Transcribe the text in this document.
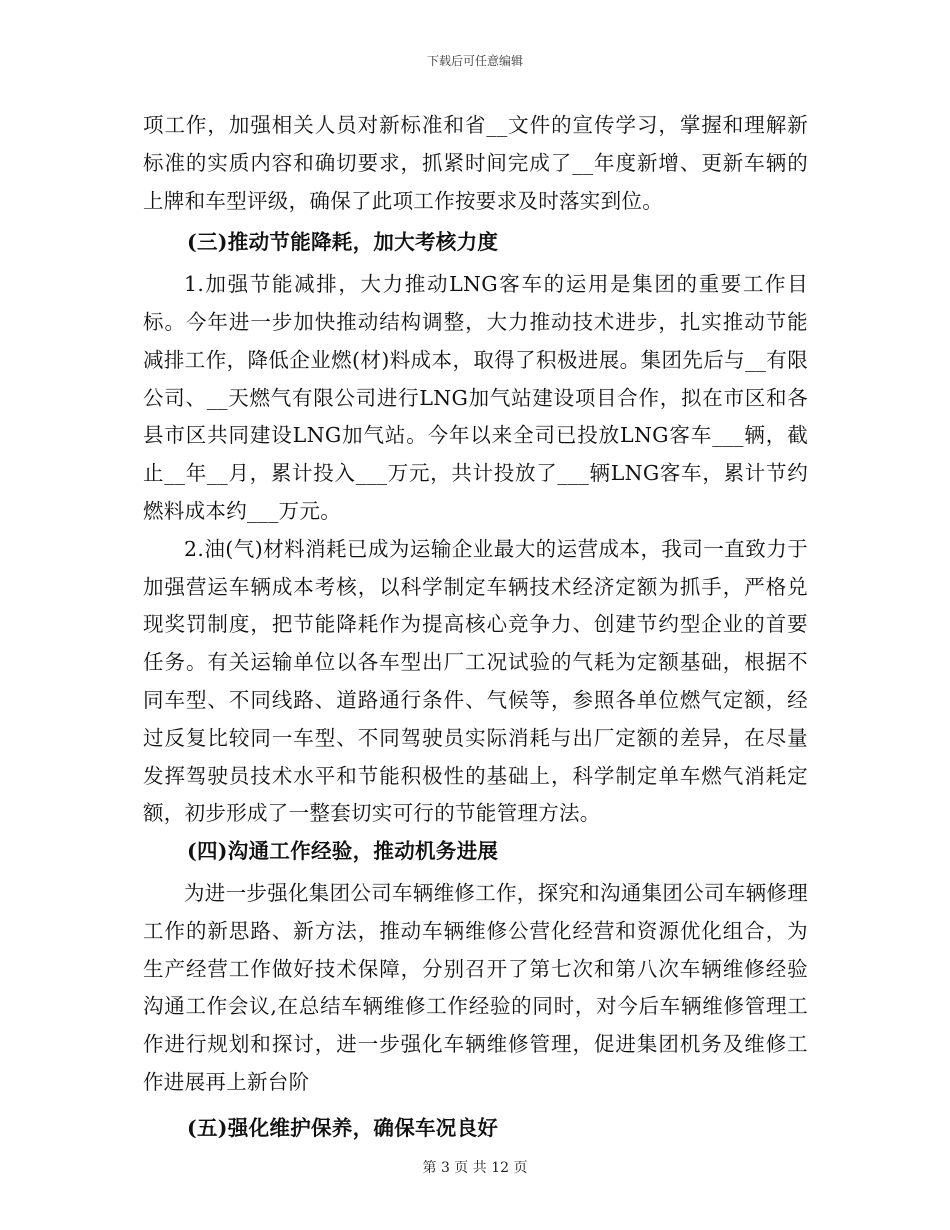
下载后可任意编辑

项工作，加强相关人员对新标准和省__文件的宣传学习，掌握和理解新标准的实质内容和确切要求，抓紧时间完成了__年度新增、更新车辆的上牌和车型评级，确保了此项工作按要求及时落实到位。

(三)推动节能降耗，加大考核力度

1.加强节能减排，大力推动LNG客车的运用是集团的重要工作目标。今年进一步加快推动结构调整，大力推动技术进步，扎实推动节能减排工作，降低企业燃(材)料成本，取得了积极进展。集团先后与__有限公司、__天燃气有限公司进行LNG加气站建设项目合作，拟在市区和各县市区共同建设LNG加气站。今年以来全司已投放LNG客车___辆，截止__年__月，累计投入___万元，共计投放了___辆LNG客车，累计节约燃料成本约___万元。

2.油(气)材料消耗已成为运输企业最大的运营成本，我司一直致力于加强营运车辆成本考核，以科学制定车辆技术经济定额为抓手，严格兑现奖罚制度，把节能降耗作为提高核心竞争力、创建节约型企业的首要任务。有关运输单位以各车型出厂工况试验的气耗为定额基础，根据不同车型、不同线路、道路通行条件、气候等，参照各单位燃气定额，经过反复比较同一车型、不同驾驶员实际消耗与出厂定额的差异，在尽量发挥驾驶员技术水平和节能积极性的基础上，科学制定单车燃气消耗定额，初步形成了一整套切实可行的节能管理方法。

(四)沟通工作经验，推动机务进展

为进一步强化集团公司车辆维修工作，探究和沟通集团公司车辆修理工作的新思路、新方法，推动车辆维修公营化经营和资源优化组合，为生产经营工作做好技术保障，分别召开了第七次和第八次车辆维修经验沟通工作会议,在总结车辆维修工作经验的同时，对今后车辆维修管理工作进行规划和探讨，进一步强化车辆维修管理，促进集团机务及维修工作进展再上新台阶

(五)强化维护保养，确保车况良好

第 3 页 共 12 页
